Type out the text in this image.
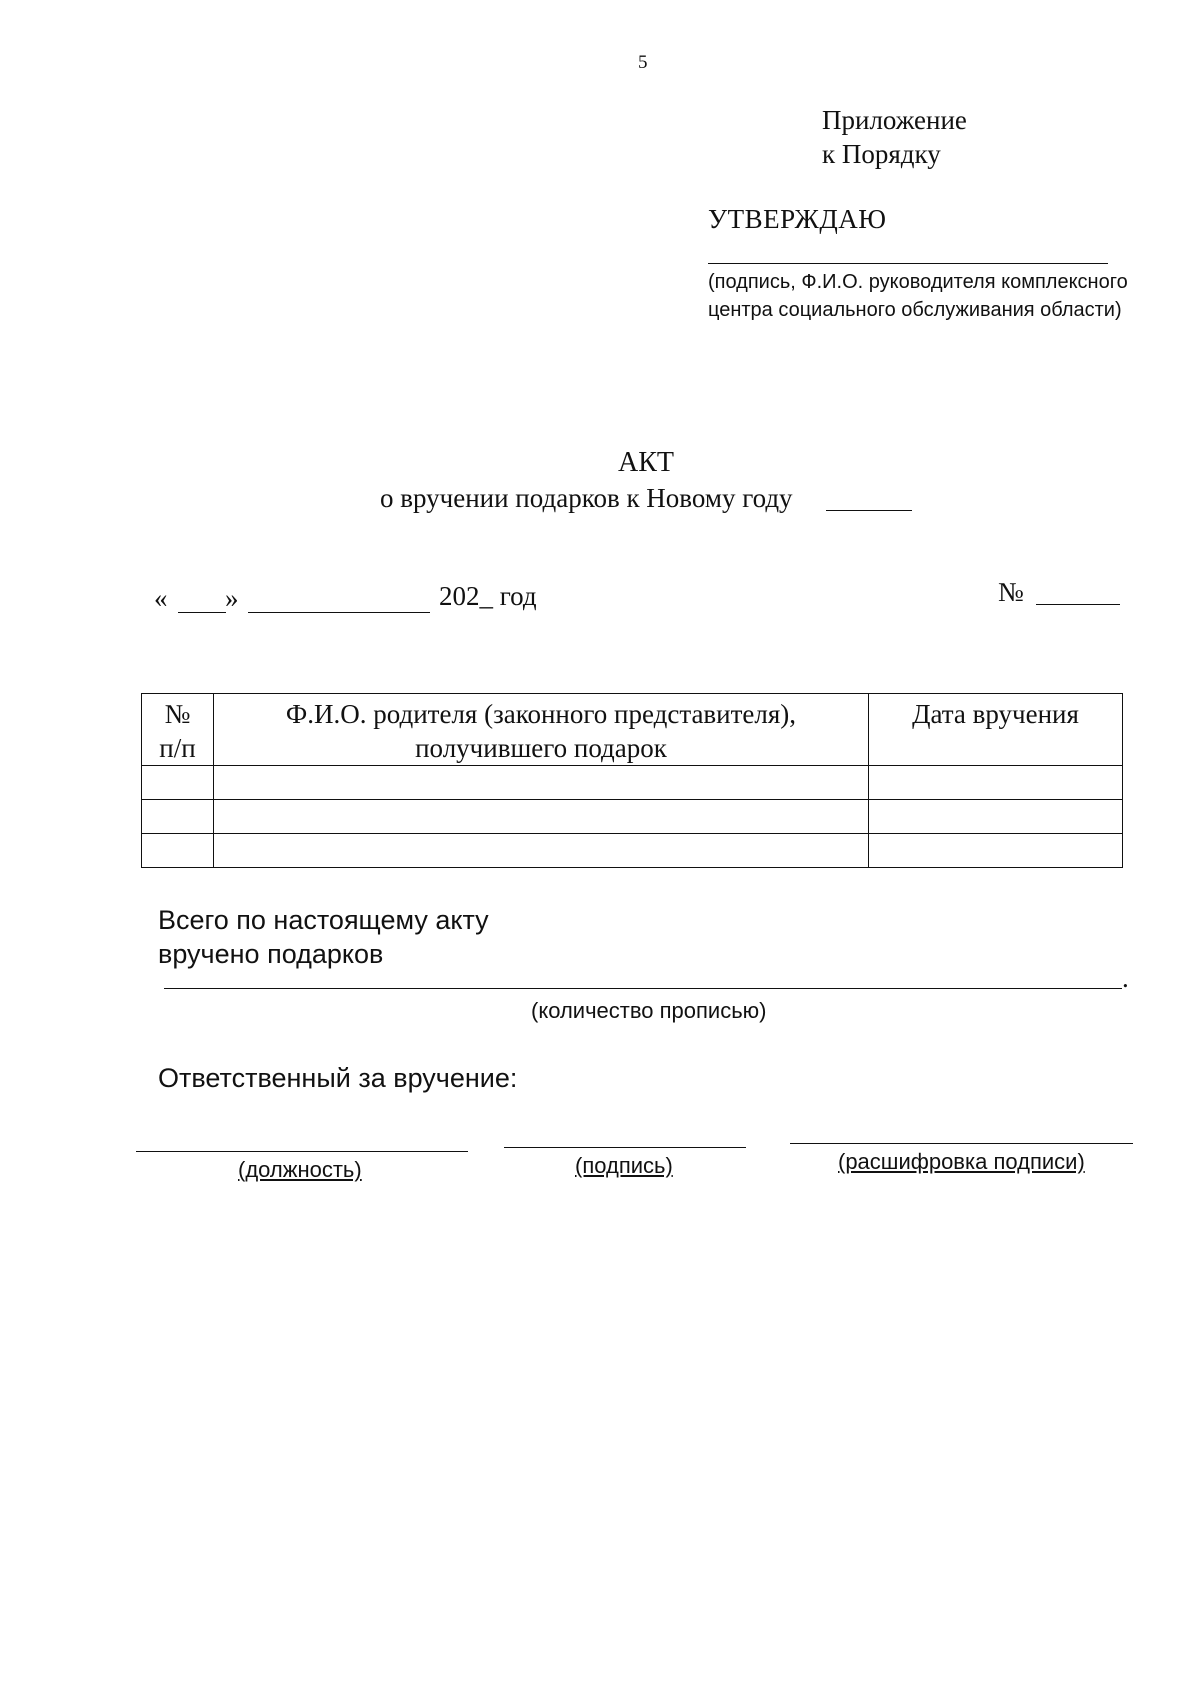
5
Приложение
к Порядку
УТВЕРЖДАЮ
(подпись, Ф.И.О. руководителя комплексного центра социального обслуживания области)
АКТ
о вручении подарков к Новому году
« »	202_ год	№
№ п/п	Ф.И.О. родителя (законного представителя), получившего подарок	Дата вручения

Всего по настоящему акту
вручено подарков
.
(количество прописью)
Ответственный за вручение:
(должность)	(подпись)	(расшифровка подписи)
